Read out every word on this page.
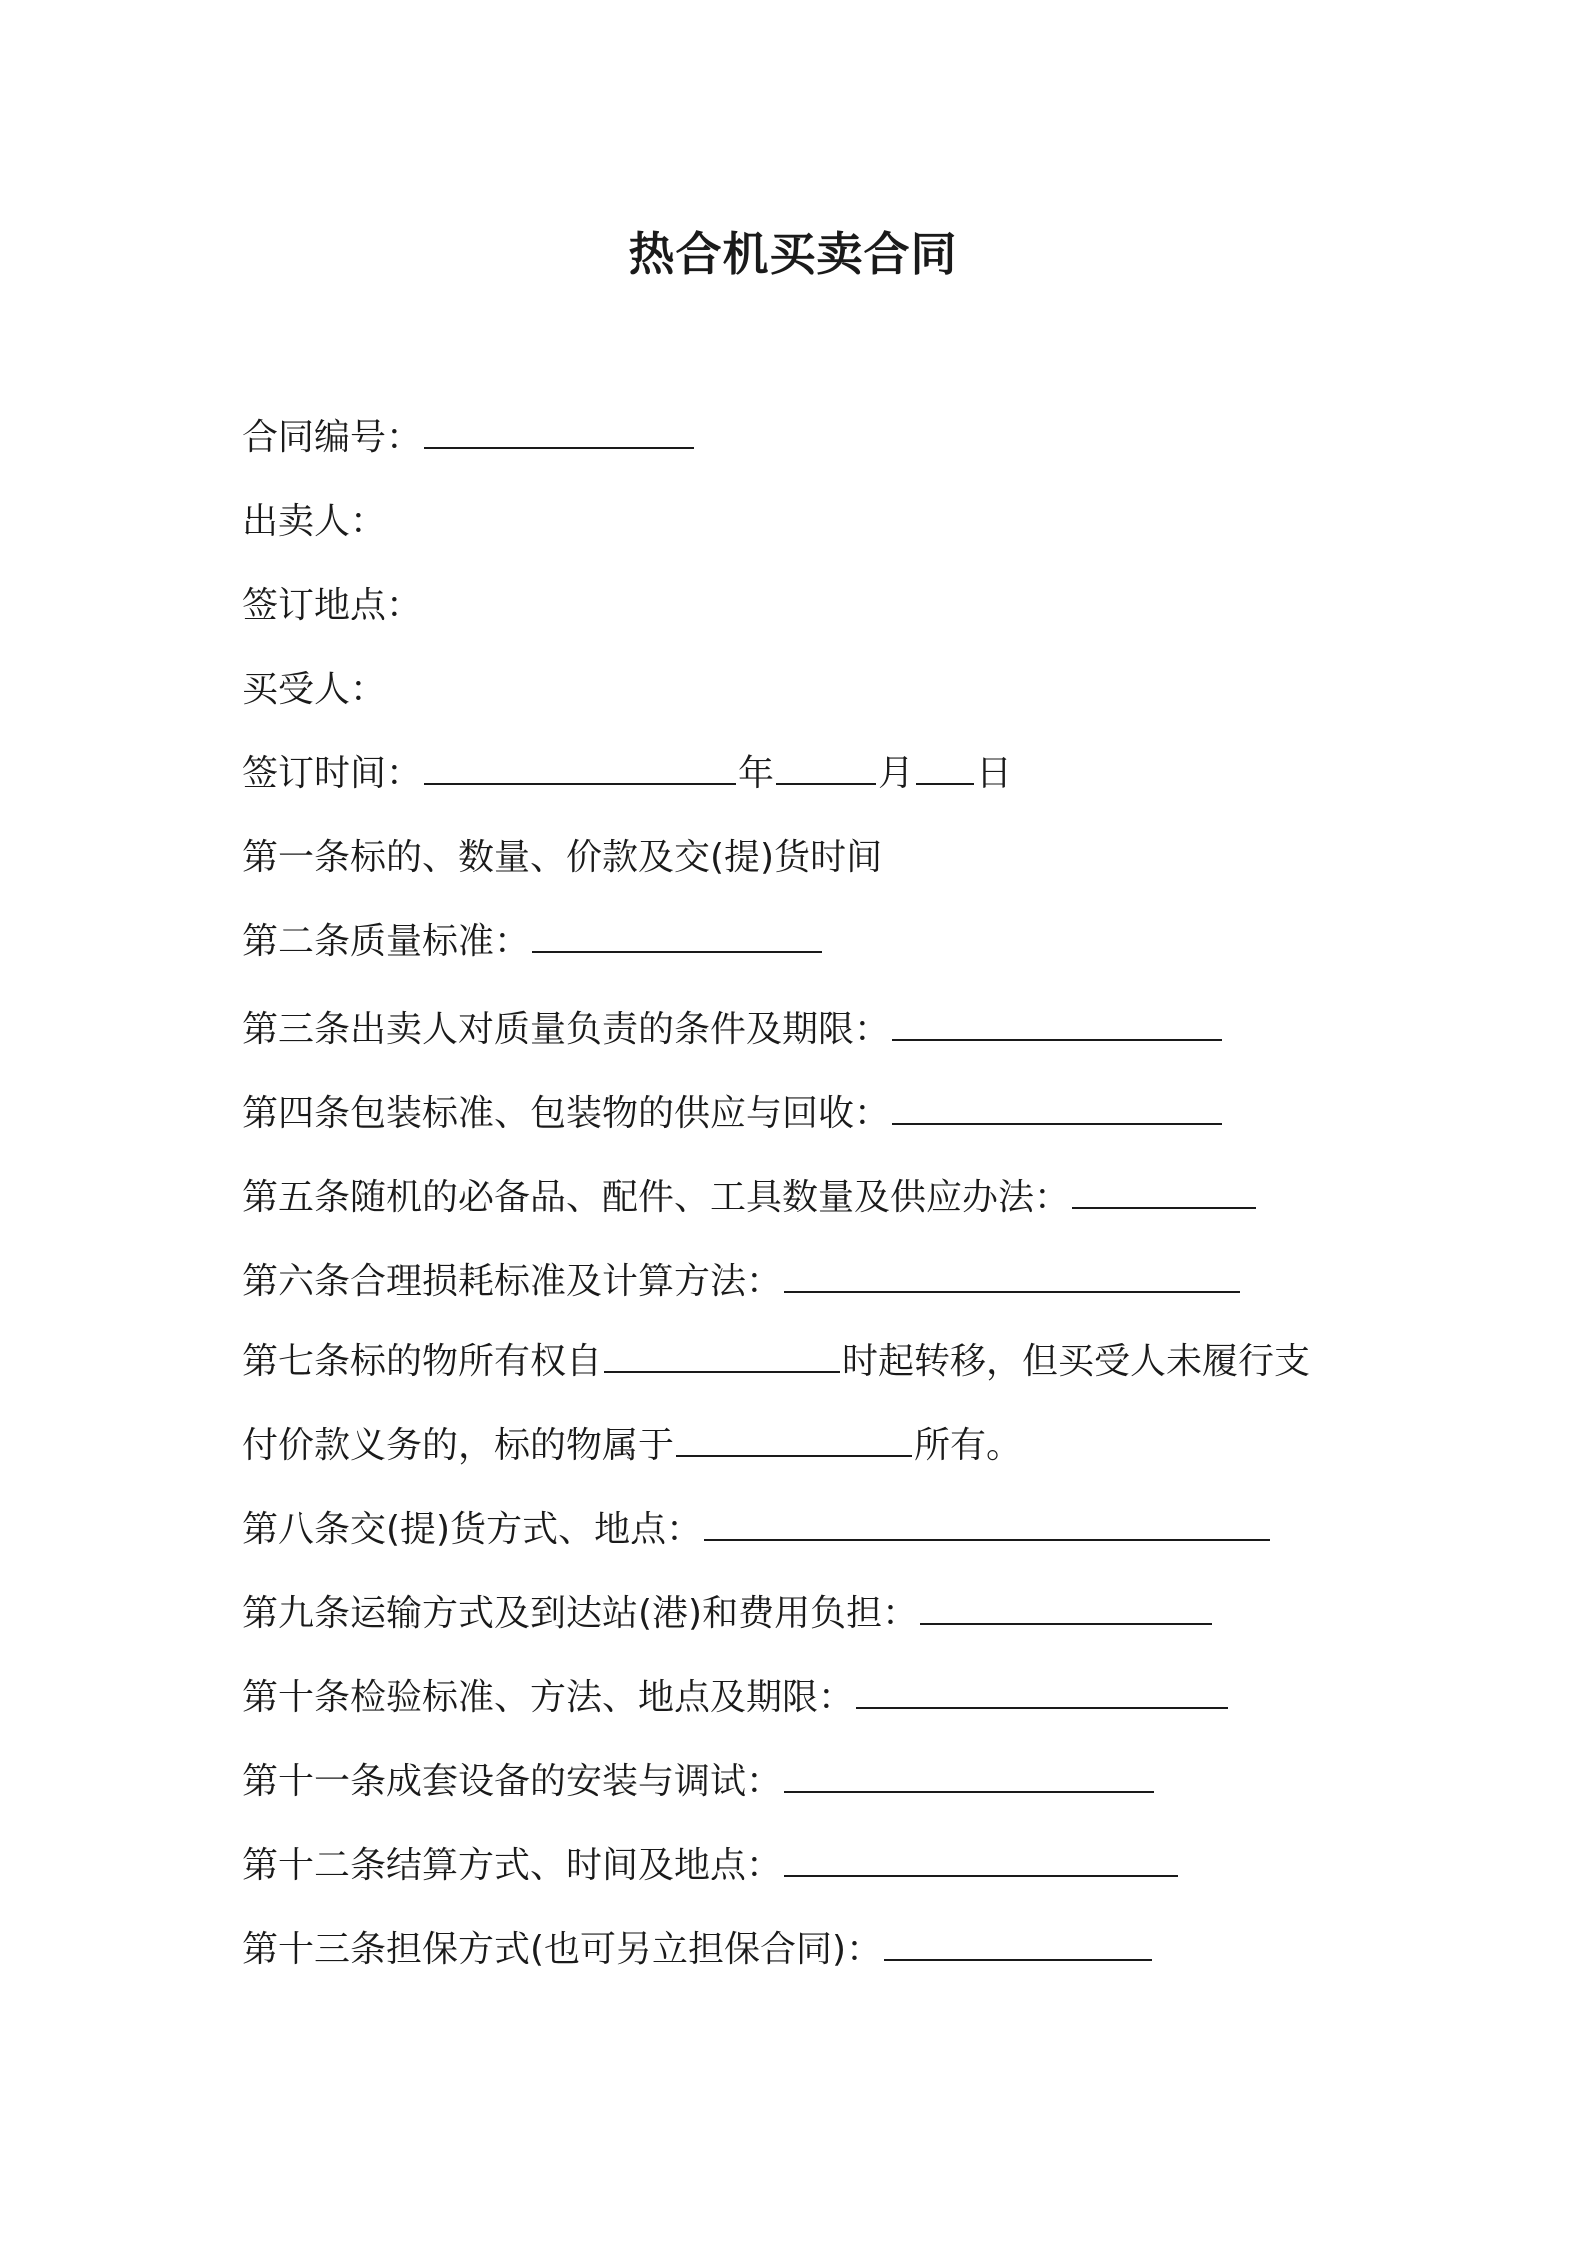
热合机买卖合同
合同编号：
出卖人：
签订地点：
买受人：
签订时间：	年	月 日
第一条标的、数量、价款及交(提)货时间
第二条质量标准：
第三条出卖人对质量负责的条件及期限：
第四条包装标准、包装物的供应与回收：
第五条随机的必备品、配件、工具数量及供应办法：
第六条合理损耗标准及计算方法：
第七条标的物所有权自	时起转移，但买受人未履行支
付价款义务的，标的物属于	所有。
第八条交(提)货方式、地点：
第九条运输方式及到达站(港)和费用负担：
第十条检验标准、方法、地点及期限：
第十一条成套设备的安装与调试：
第十二条结算方式、时间及地点：
第十三条担保方式(也可另立担保合同)：
